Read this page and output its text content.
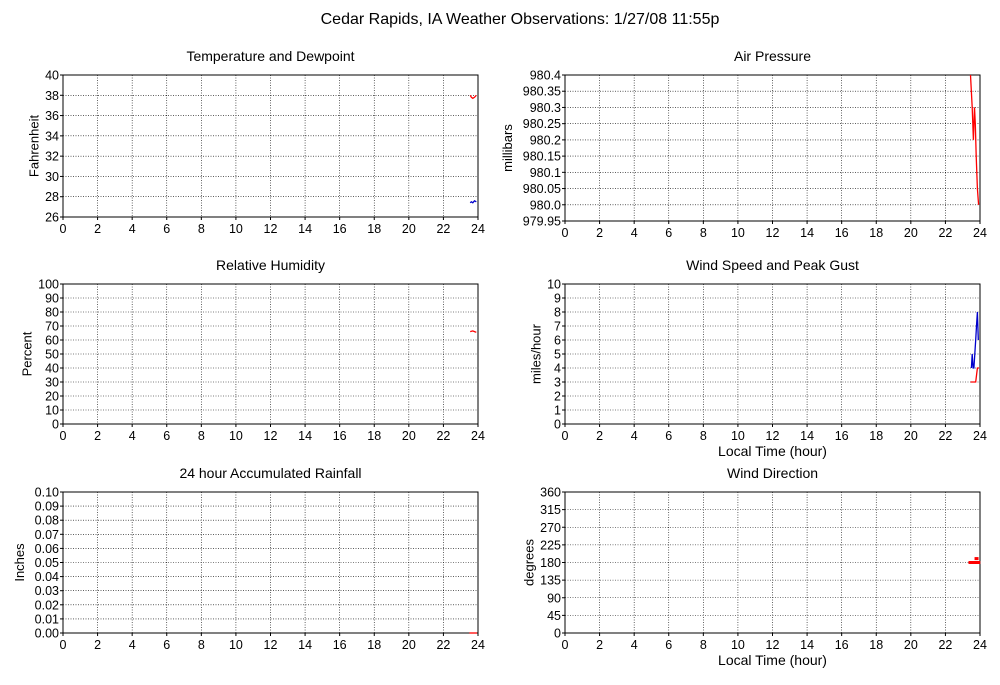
Cedar Rapids, IA Weather Observations: 1/27/08 11:55p
Temperature and Dewpoint
0 2 4 6 8 10 12 14 16 18 20 22 24
26
28
30
32
34
36
38
40
Fahrenheit
Air Pressure
0 2 4 6 8 10 12 14 16 18 20 22 24
979.95
980.0
980.05
980.1
980.15
980.2
980.25
980.3
980.35
980.4
millibars
Relative Humidity
0 2 4 6 8 10 12 14 16 18 20 22 24
0
10
20
30
40
50
60
70
80
90
100
Percent
Wind Speed and Peak Gust
0 2 4 6 8 10 12 14 16 18 20 22 24
0
1
2
3
4
5
6
7
8
9
10
miles/hour
Local Time (hour)
24 hour Accumulated Rainfall
0 2 4 6 8 10 12 14 16 18 20 22 24
0.00
0.01
0.02
0.03
0.04
0.05
0.06
0.07
0.08
0.09
0.10
Inches
Wind Direction
0 2 4 6 8 10 12 14 16 18 20 22 24
0
45
90
135
180
225
270
315
360
degrees
Local Time (hour)
